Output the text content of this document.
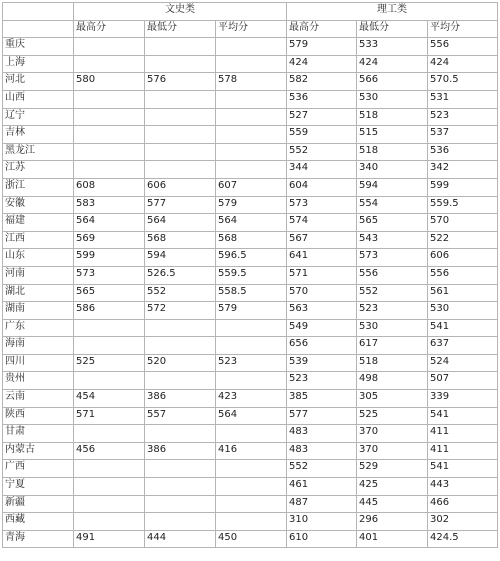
	文史类			理工类		
	最高分	最低分	平均分	最高分	最低分	平均分
重庆				579	533	556
上海				424	424	424
河北	580	576	578	582	566	570.5
山西				536	530	531
辽宁				527	518	523
吉林				559	515	537
黑龙江				552	518	536
江苏				344	340	342
浙江	608	606	607	604	594	599
安徽	583	577	579	573	554	559.5
福建	564	564	564	574	565	570
江西	569	568	568	567	543	522
山东	599	594	596.5	641	573	606
河南	573	526.5	559.5	571	556	556
湖北	565	552	558.5	570	552	561
湖南	586	572	579	563	523	530
广东				549	530	541
海南				656	617	637
四川	525	520	523	539	518	524
贵州				523	498	507
云南	454	386	423	385	305	339
陕西	571	557	564	577	525	541
甘肃				483	370	411
内蒙古	456	386	416	483	370	411
广西				552	529	541
宁夏				461	425	443
新疆				487	445	466
西藏				310	296	302
青海	491	444	450	610	401	424.5
